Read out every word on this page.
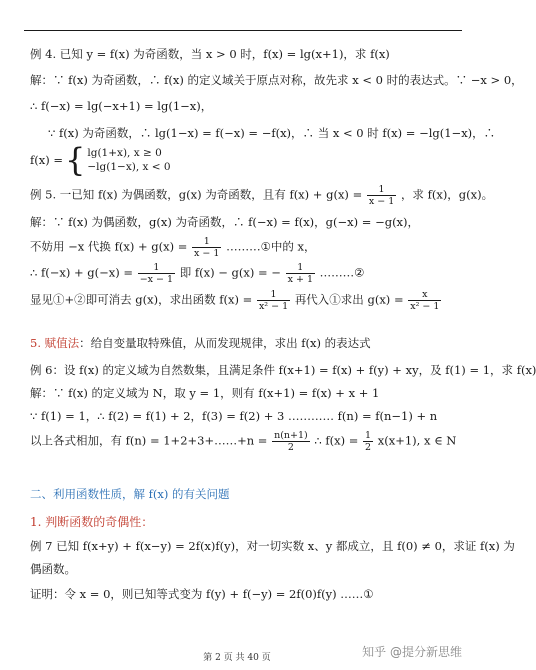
例 4. 已知 y = f(x) 为奇函数，当 x > 0 时，f(x) = lg(x+1)，求 f(x)
解：∵ f(x) 为奇函数，∴ f(x) 的定义域关于原点对称，故先求 x < 0 时的表达式。∵ −x > 0，
∴ f(−x) = lg(−x+1) = lg(1−x)，
∵ f(x) 为奇函数，∴ lg(1−x) = f(−x) = −f(x)，∴ 当 x < 0 时 f(x) = −lg(1−x)，∴
f(x) = { lg(1+x), x ≥ 0
−lg(1−x), x < 0
例 5. 一已知 f(x) 为偶函数，g(x) 为奇函数，且有 $f(x) + g(x) = \frac{1}{x - 1}$ ，求 f(x)，g(x)。
解：∵ f(x) 为偶函数，g(x) 为奇函数，∴ f(−x) = f(x)，g(−x) = −g(x)，
不妨用 −x 代换 $f(x) + g(x) = \frac{1}{x - 1}$ ………①中的 x，
∴ $f(-x) + g(-x) = \frac{1}{-x - 1}$ 即 f(x) − g(x) = − $\frac{1}{x + 1}$ ………②
显见①+②即可消去 g(x)，求出函数 $f(x) = \frac{1}{\text{x² − 1}}$ 再代入①求出 $g(x) = \frac{x}{\text{x² − 1}}$
5. 赋值法：给自变量取特殊值，从而发现规律，求出 f(x) 的表达式
例 6：设 f(x) 的定义域为自然数集，且满足条件 f(x+1) = f(x) + f(y) + xy，及 f(1) = 1，求 f(x)
解：∵ f(x) 的定义域为 N，取 y = 1，则有 f(x+1) = f(x) + x + 1
∵ f(1) = 1，∴ f(2) = f(1) + 2，f(3) = f(2) + 3 ………… f(n) = f(n−1) + n
以上各式相加，有 f(n) = 1+2+3+……+n = $\frac{n(n+1)}{2}$ ∴ $f(x) = \frac{1}{2} x(x+1)$, x ∈ N
二、利用函数性质，解 f(x) 的有关问题
1. 判断函数的奇偶性：
例 7 已知 f(x+y) + f(x−y) = 2f(x)f(y)，对一切实数 x、y 都成立，且 f(0) ≠ 0，求证 f(x) 为
偶函数。
证明：令 x = 0，则已知等式变为 f(y) + f(−y) = 2f(0)f(y) ……①
第 2 页 共 40 页	知乎 @提分新思维
